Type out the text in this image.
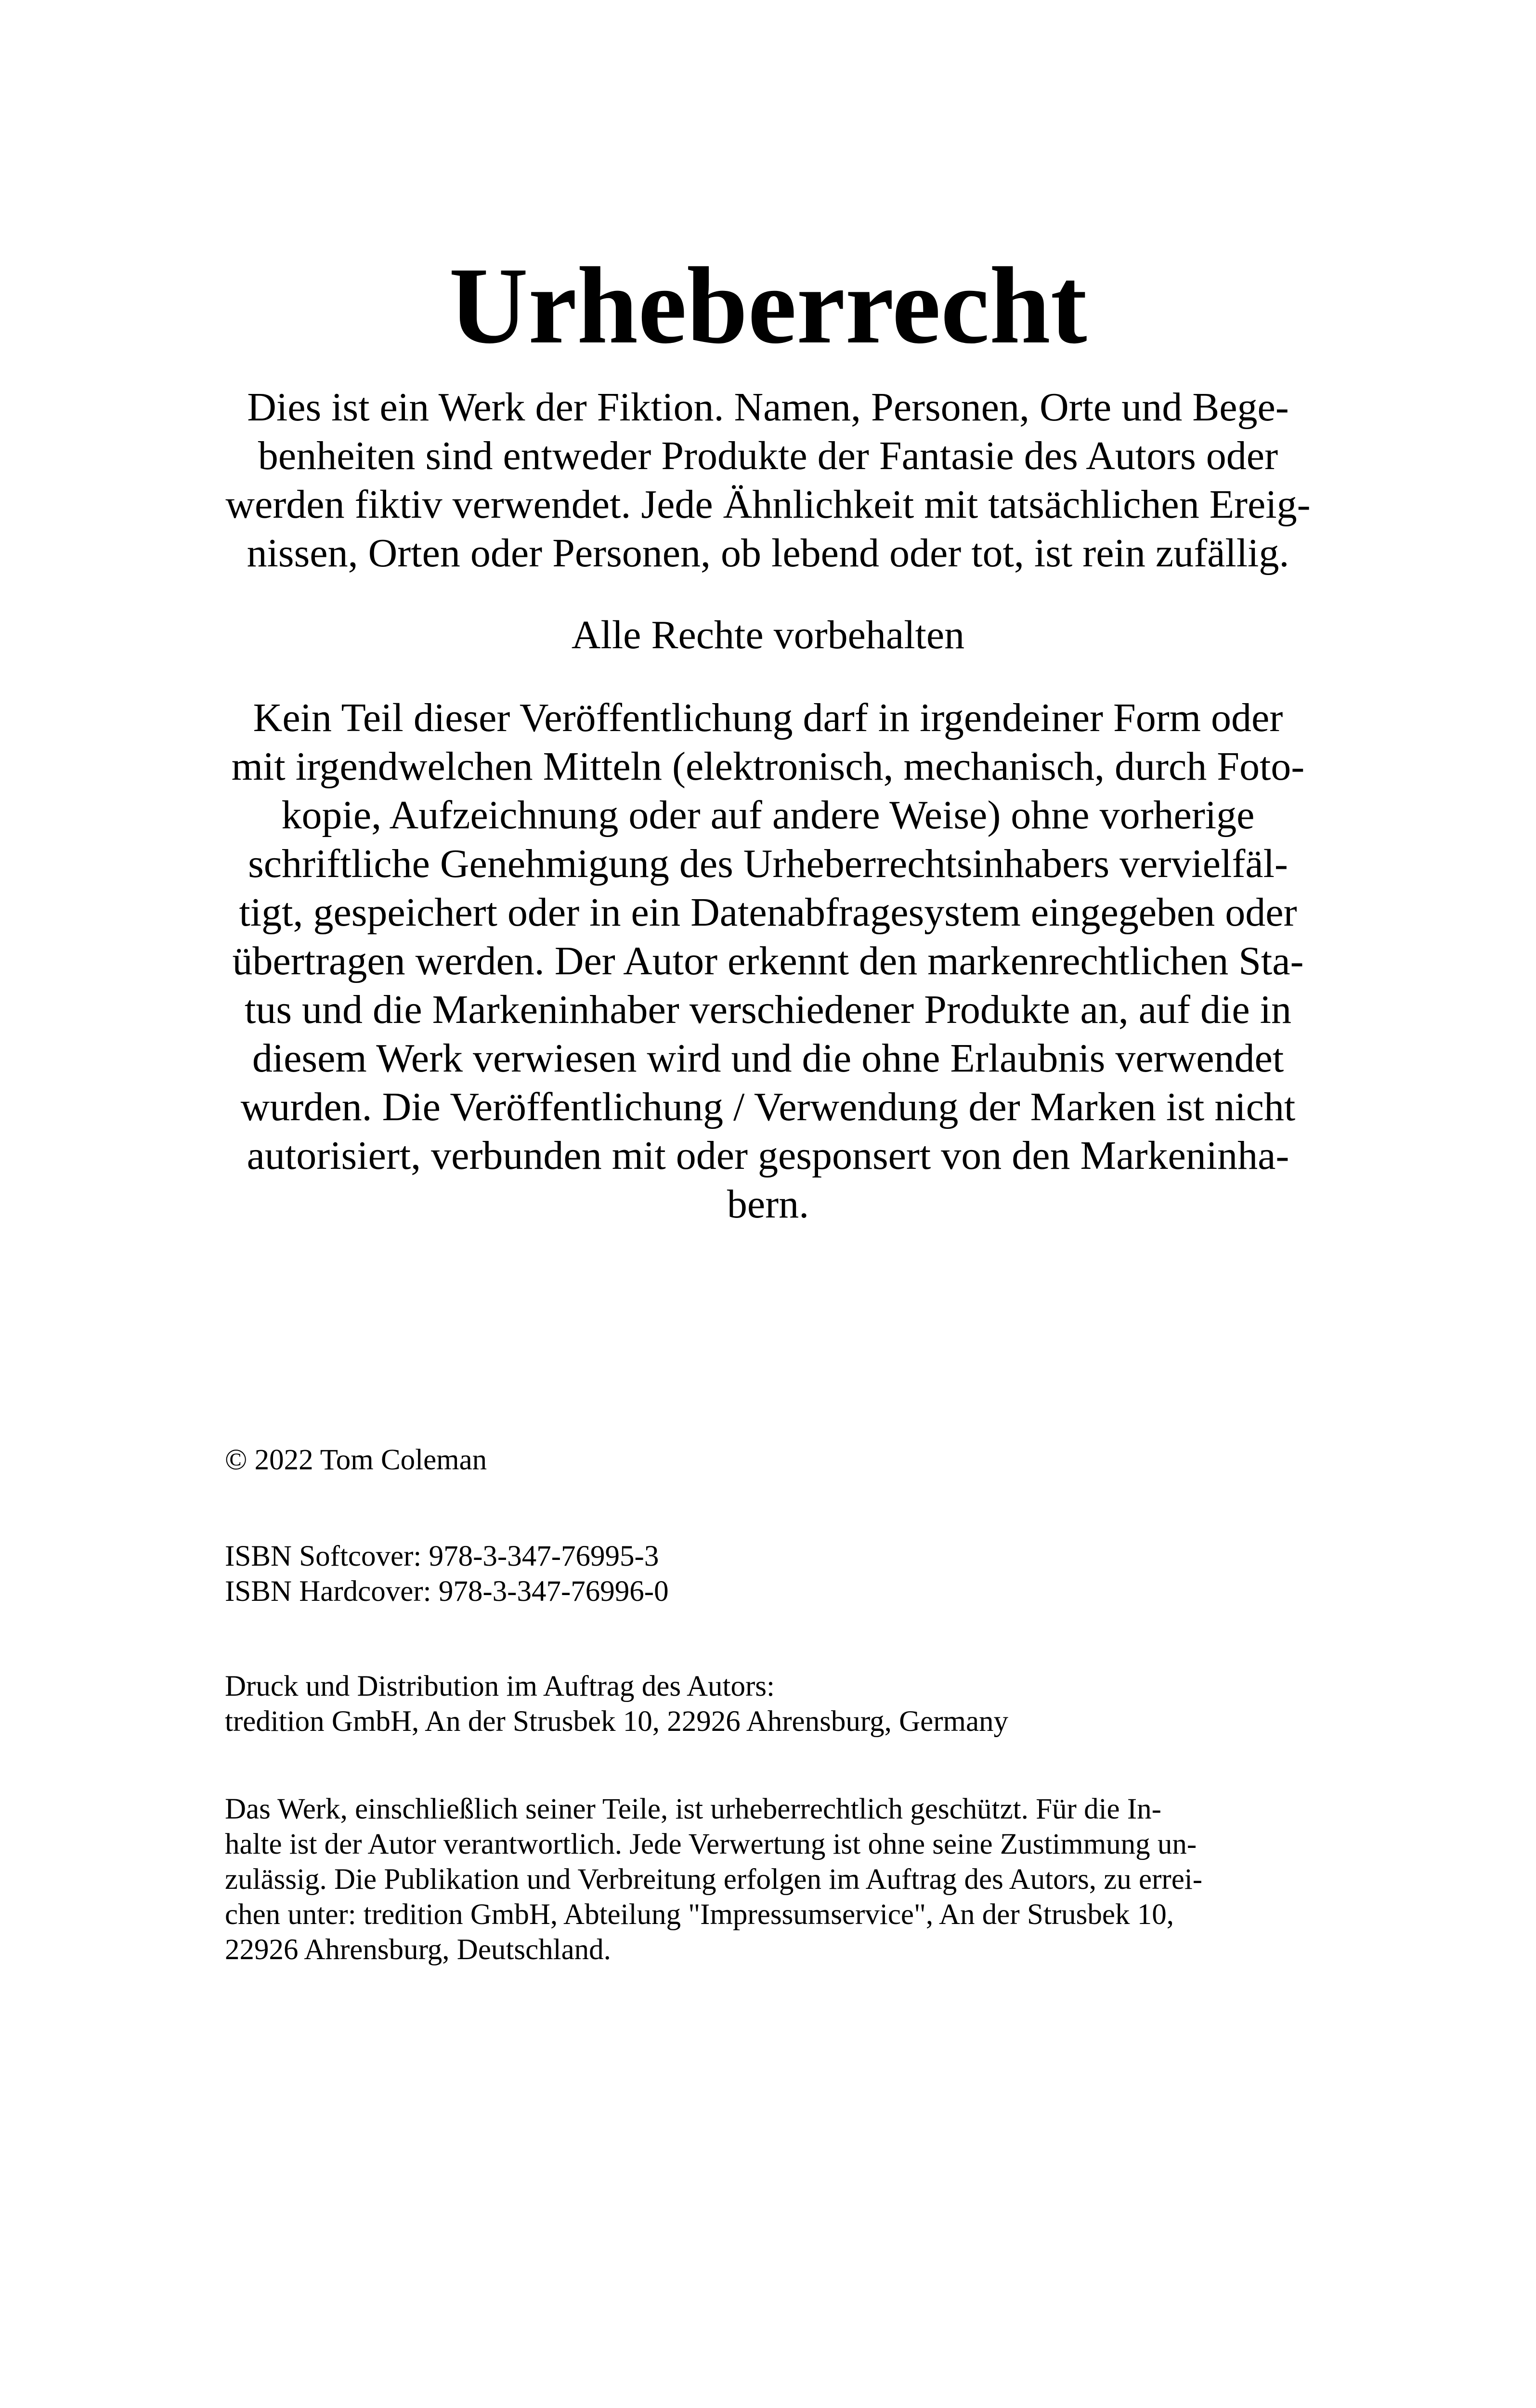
Urheberrecht
Dies ist ein Werk der Fiktion. Namen, Personen, Orte und Bege-
benheiten sind entweder Produkte der Fantasie des Autors oder
werden fiktiv verwendet. Jede Ähnlichkeit mit tatsächlichen Ereig-
nissen, Orten oder Personen, ob lebend oder tot, ist rein zufällig.
Alle Rechte vorbehalten
Kein Teil dieser Veröffentlichung darf in irgendeiner Form oder
mit irgendwelchen Mitteln (elektronisch, mechanisch, durch Foto-
kopie, Aufzeichnung oder auf andere Weise) ohne vorherige
schriftliche Genehmigung des Urheberrechtsinhabers vervielfäl-
tigt, gespeichert oder in ein Datenabfragesystem eingegeben oder
übertragen werden. Der Autor erkennt den markenrechtlichen Sta-
tus und die Markeninhaber verschiedener Produkte an, auf die in
diesem Werk verwiesen wird und die ohne Erlaubnis verwendet
wurden. Die Veröffentlichung / Verwendung der Marken ist nicht
autorisiert, verbunden mit oder gesponsert von den Markeninha-
bern.
© 2022 Tom Coleman
ISBN Softcover: 978-3-347-76995-3
ISBN Hardcover: 978-3-347-76996-0
Druck und Distribution im Auftrag des Autors:
tredition GmbH, An der Strusbek 10, 22926 Ahrensburg, Germany
Das Werk, einschließlich seiner Teile, ist urheberrechtlich geschützt. Für die In-
halte ist der Autor verantwortlich. Jede Verwertung ist ohne seine Zustimmung un-
zulässig. Die Publikation und Verbreitung erfolgen im Auftrag des Autors, zu errei-
chen unter: tredition GmbH, Abteilung "Impressumservice", An der Strusbek 10,
22926 Ahrensburg, Deutschland.
